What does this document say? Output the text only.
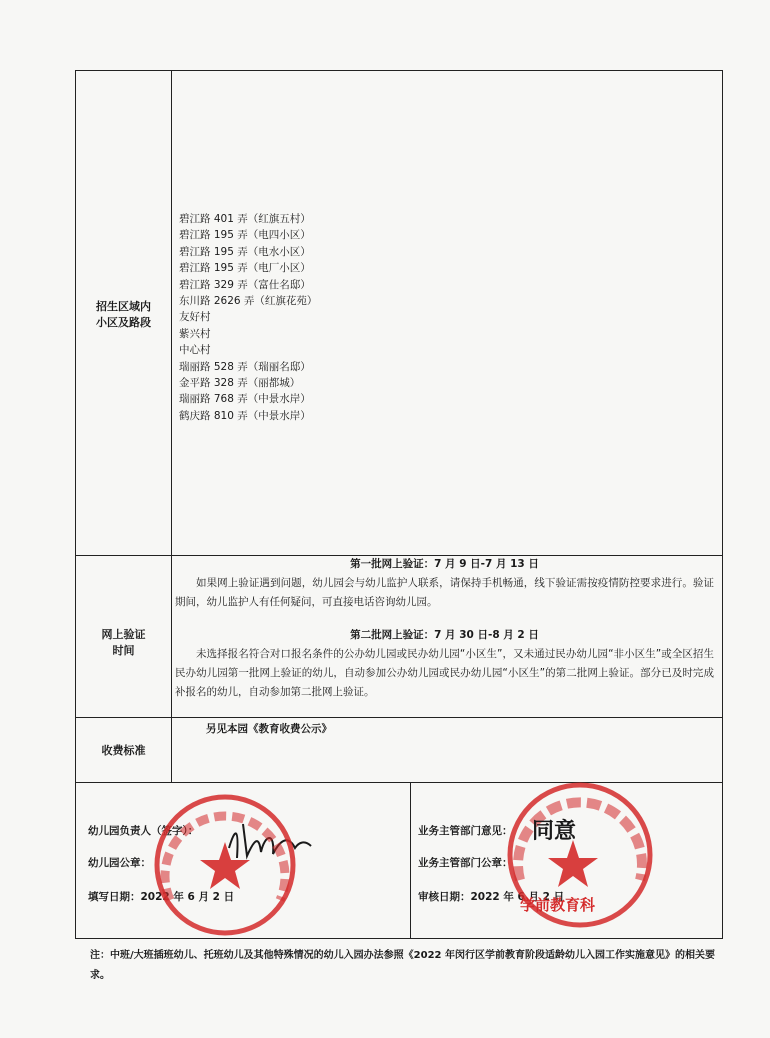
招生区域内
小区及路段
碧江路 401 弄（红旗五村）
碧江路 195 弄（电四小区）
碧江路 195 弄（电水小区）
碧江路 195 弄（电厂小区）
碧江路 329 弄（富仕名邸）
东川路 2626 弄（红旗花苑）
友好村
紫兴村
中心村
瑞丽路 528 弄（瑞丽名邸）
金平路 328 弄（丽都城）
瑞丽路 768 弄（中景水岸）
鹤庆路 810 弄（中景水岸）
网上验证
时间
第一批网上验证：7 月 9 日-7 月 13 日

如果网上验证遇到问题，幼儿园会与幼儿监护人联系，请保持手机畅通，线下验证需按疫情防控要求进行。验证期间，幼儿监护人有任何疑问，可直接电话咨询幼儿园。

第二批网上验证：7 月 30 日-8 月 2 日

未选择报名符合对口报名条件的公办幼儿园或民办幼儿园“小区生”，又未通过民办幼儿园“非小区生”或全区招生民办幼儿园第一批网上验证的幼儿，自动参加公办幼儿园或民办幼儿园“小区生”的第二批网上验证。部分已及时完成补报名的幼儿，自动参加第二批网上验证。

收费标准
另见本园《教育收费公示》
幼儿园负责人（签字）：
幼儿园公章：
填写日期：2022 年 6 月 2 日
业务主管部门意见：
业务主管部门公章：
审核日期：2022 年 6 月 2 日
学前教育科
同意
注：中班/大班插班幼儿、托班幼儿及其他特殊情况的幼儿入园办法参照《2022 年闵行区学前教育阶段适龄幼儿入园工作实施意见》的相关要求。
